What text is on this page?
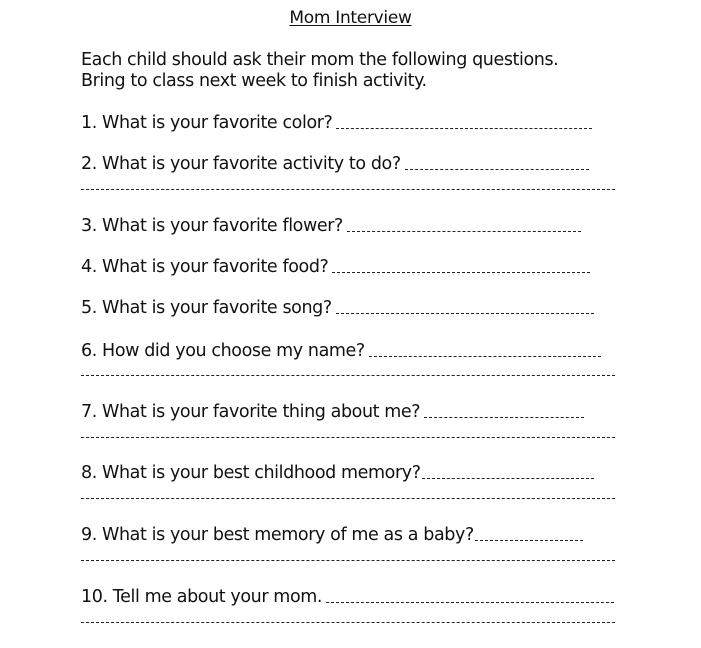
Mom Interview
Each child should ask their mom the following questions.
Bring to class next week to finish activity.
1. What is your favorite color?
2. What is your favorite activity to do?
3. What is your favorite flower?
4. What is your favorite food?
5. What is your favorite song?
6. How did you choose my name?
7. What is your favorite thing about me?
8. What is your best childhood memory?
9. What is your best memory of me as a baby?
10. Tell me about your mom.
